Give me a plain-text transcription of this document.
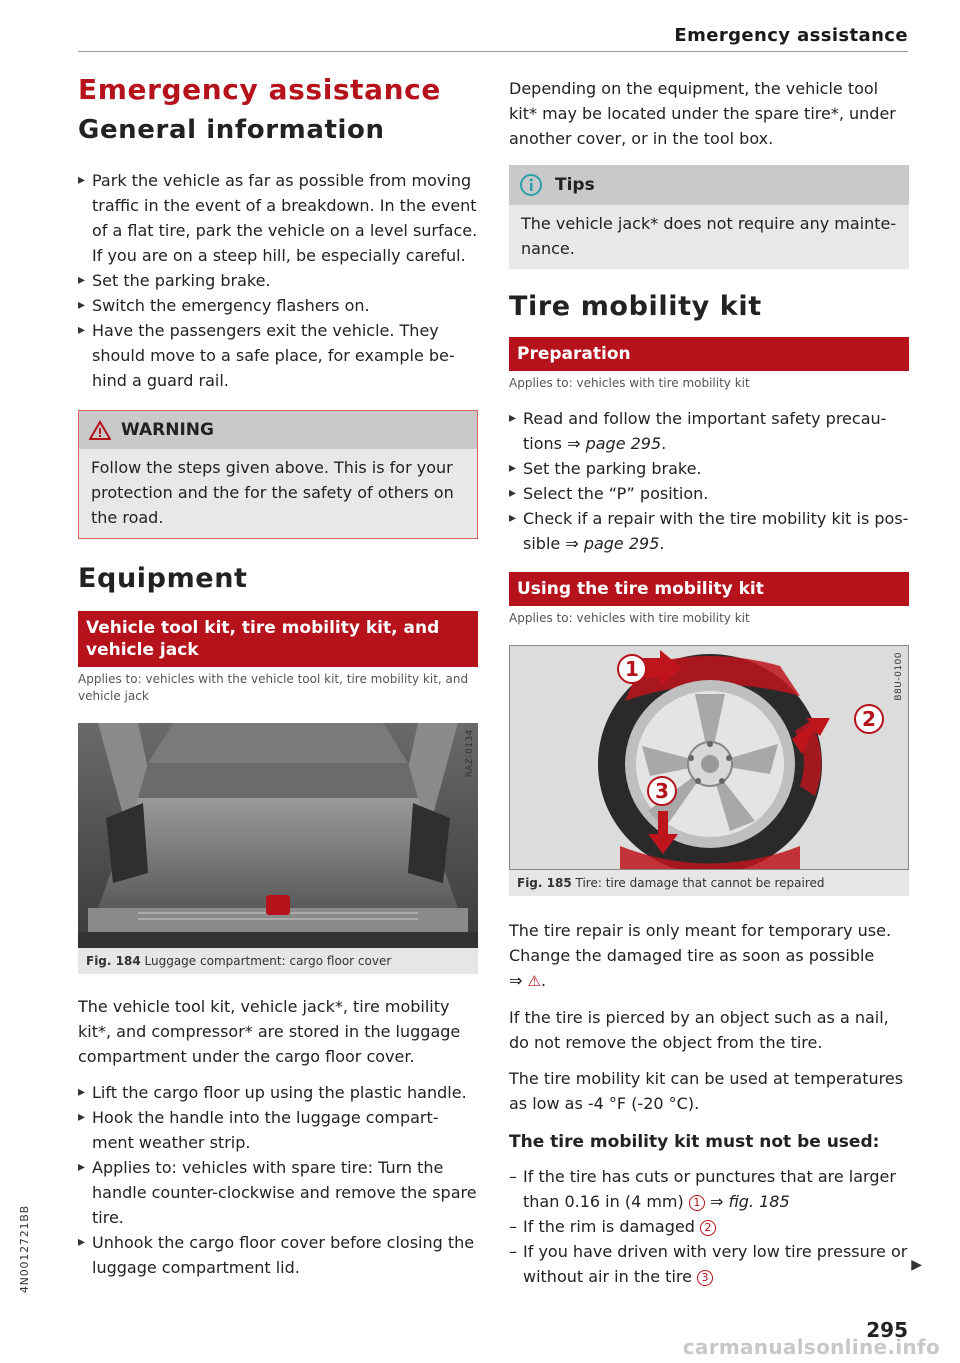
Emergency assistance
Emergency assistance
General information
▸ Park the vehicle as far as possible from moving traffic in the event of a breakdown. In the event of a flat tire, park the vehicle on a level surface. If you are on a steep hill, be especially careful.
▸ Set the parking brake.
▸ Switch the emergency flashers on.
▸ Have the passengers exit the vehicle. They should move to a safe place, for example be-hind a guard rail.
WARNING
Follow the steps given above. This is for your protection and the for the safety of others on the road.
Equipment
Vehicle tool kit, tire mobility kit, and vehicle jack
Applies to: vehicles with the vehicle tool kit, tire mobility kit, and vehicle jack
RAZ-0134
Fig. 184 Luggage compartment: cargo floor cover

The vehicle tool kit, vehicle jack*, tire mobility kit*, and compressor* are stored in the luggage compartment under the cargo floor cover.

▸ Lift the cargo floor up using the plastic handle.
▸ Hook the handle into the luggage compart-ment weather strip.
▸ Applies to: vehicles with spare tire: Turn the handle counter-clockwise and remove the spare tire.
▸ Unhook the cargo floor cover before closing the luggage compartment lid.

Depending on the equipment, the vehicle tool kit* may be located under the spare tire*, under another cover, or in the tool box.

Tips
The vehicle jack* does not require any mainte-nance.
Tire mobility kit
Preparation
Applies to: vehicles with tire mobility kit
▸ Read and follow the important safety precau-tions ⇒ page 295.
▸ Set the parking brake.
▸ Select the “P” position.
▸ Check if a repair with the tire mobility kit is pos-sible ⇒ page 295.
Using the tire mobility kit
Applies to: vehicles with tire mobility kit
1
2
3
B8U-0100
Fig. 185 Tire: tire damage that cannot be repaired

The tire repair is only meant for temporary use. Change the damaged tire as soon as possible
⇒ ⚠.

If the tire is pierced by an object such as a nail, do not remove the object from the tire.

The tire mobility kit can be used at temperatures as low as -4 °F (-20 °C).

The tire mobility kit must not be used:

– If the tire has cuts or punctures that are larger than 0.16 in (4 mm) 1 ⇒ fig. 185
– If the rim is damaged 2
– If you have driven with very low tire pressure or without air in the tire 3
▶
4N0012721BB
295
carmanualsonline.info
